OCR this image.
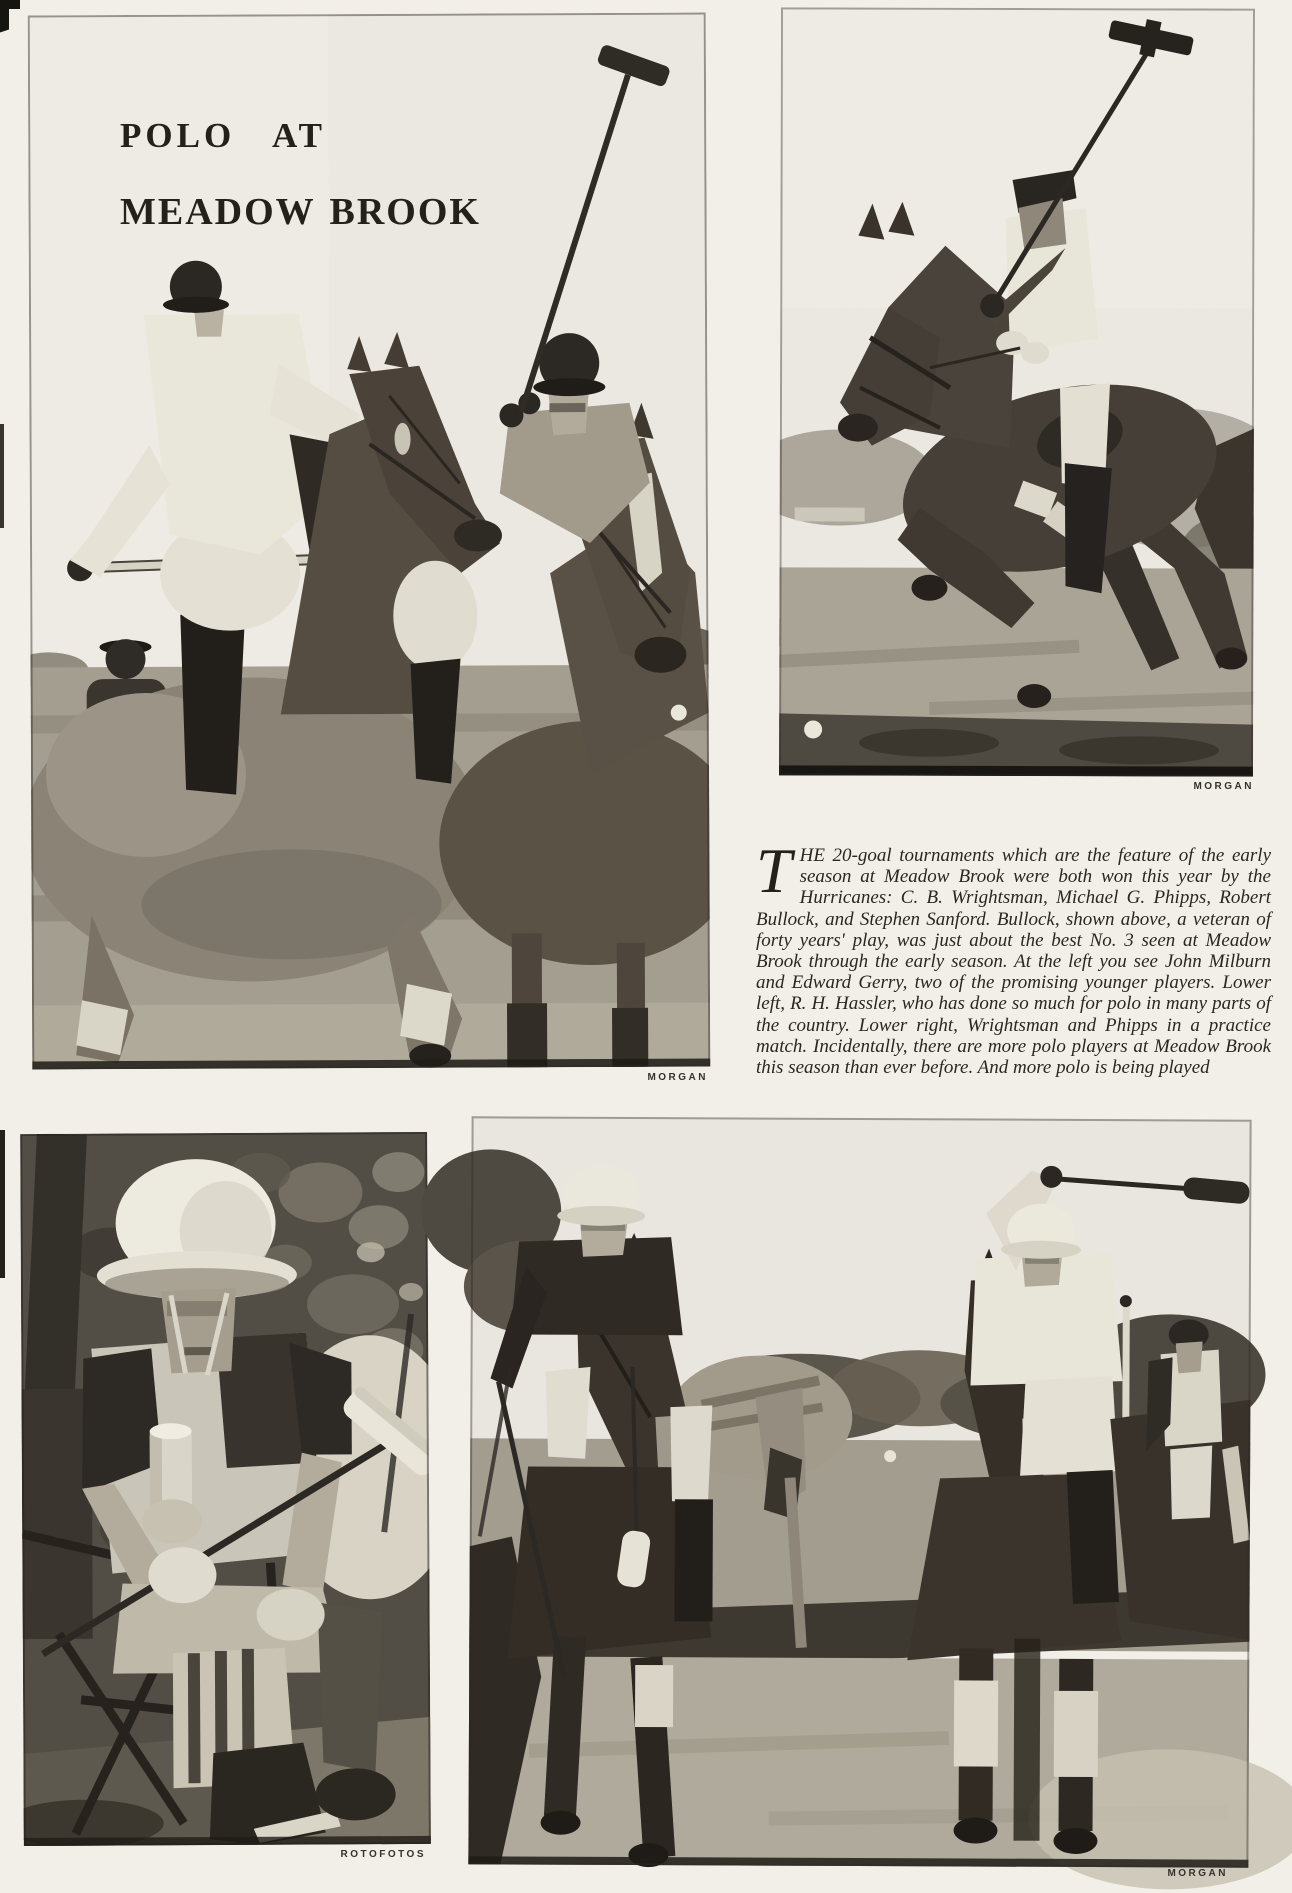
POLO AT
MEADOW BROOK
MORGAN
MORGAN

THE 20-goal tournaments which are the feature of the early season at Meadow Brook were both won this year by the Hurricanes: C. B. Wrightsman, Michael G. Phipps, Robert Bullock, and Stephen Sanford. Bullock, shown above, a veteran of forty years' play, was just about the best No. 3 seen at Meadow Brook through the early season. At the left you see John Milburn and Edward Gerry, two of the promising younger players. Lower left, R. H. Hassler, who has done so much for polo in many parts of the country. Lower right, Wrightsman and Phipps in a practice match. Incidentally, there are more polo players at Meadow Brook this season than ever before. And more polo is being played

ROTOFOTOS
MORGAN
